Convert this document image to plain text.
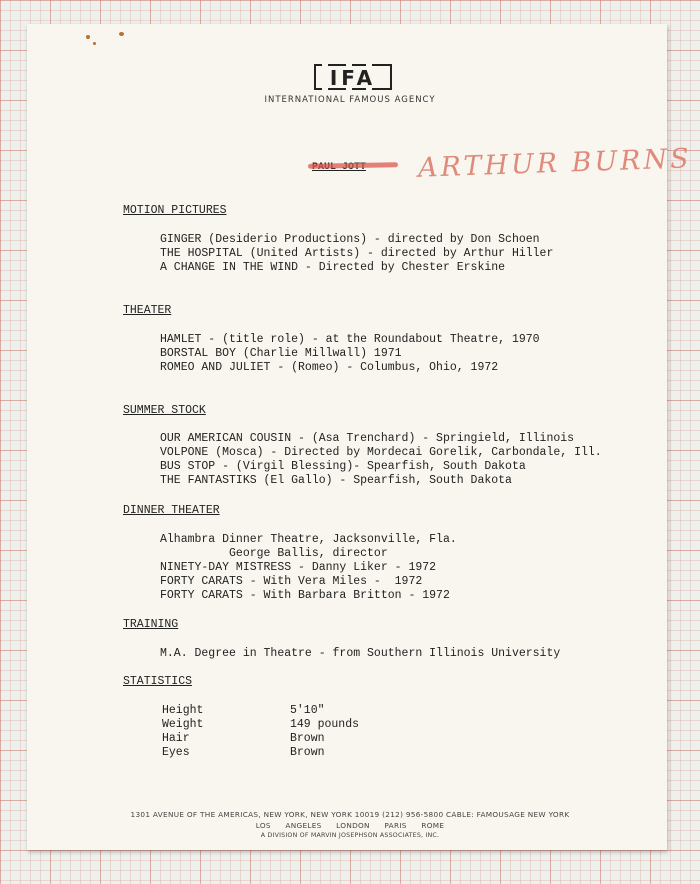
IFA
INTERNATIONAL FAMOUS AGENCY
ARTHUR BURNS
MOTION PICTURES
GINGER (Desiderio Productions) - directed by Don Schoen
THE HOSPITAL (United Artists) - directed by Arthur Hiller
A CHANGE IN THE WIND - Directed by Chester Erskine
THEATER
HAMLET - (title role) - at the Roundabout Theatre, 1970
BORSTAL BOY (Charlie Millwall) 1971
ROMEO AND JULIET - (Romeo) - Columbus, Ohio, 1972
SUMMER STOCK
OUR AMERICAN COUSIN - (Asa Trenchard) - Springield, Illinois
VOLPONE (Mosca) - Directed by Mordecai Gorelik, Carbondale, Ill.
BUS STOP - (Virgil Blessing)- Spearfish, South Dakota
THE FANTASTIKS (El Gallo) - Spearfish, South Dakota
DINNER THEATER
Alhambra Dinner Theatre, Jacksonville, Fla.
George Ballis, director
NINETY-DAY MISTRESS - Danny Liker - 1972
FORTY CARATS - With Vera Miles -  1972
FORTY CARATS - With Barbara Britton - 1972
TRAINING
M.A. Degree in Theatre - from Southern Illinois University
STATISTICS
Height	5'10"
Weight	149 pounds
Hair	Brown
Eyes	Brown
1301 AVENUE OF THE AMERICAS, NEW YORK, NEW YORK 10019 (212) 956-5800 CABLE: FAMOUSAGE NEW YORK
LOS ANGELES LONDON PARIS ROME
A DIVISION OF MARVIN JOSEPHSON ASSOCIATES, INC.
